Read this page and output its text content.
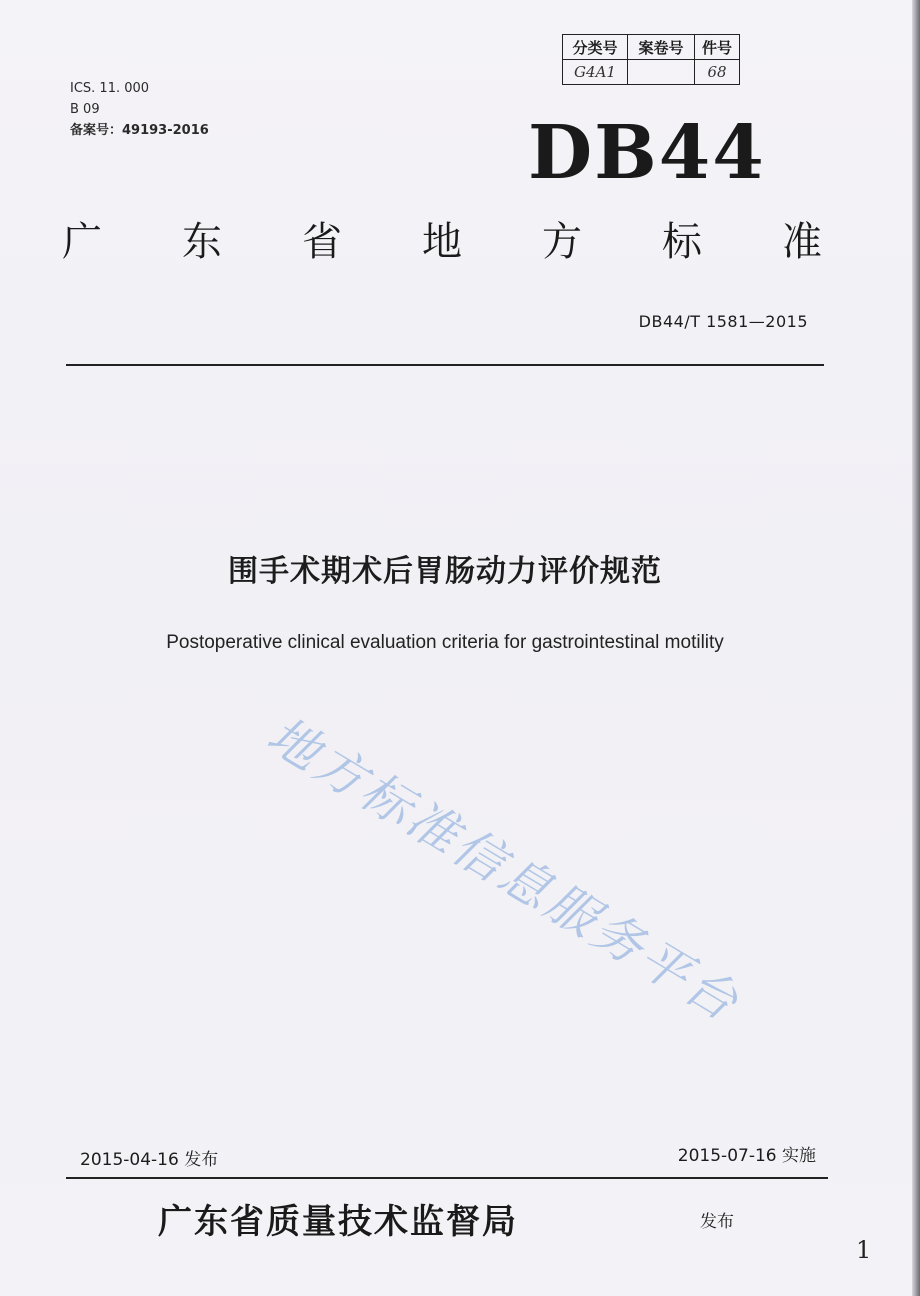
ICS. 11. 000
B 09
备案号：49193-2016
分类号	案卷号	件号
G4A1		68
DB44
广 东 省 地 方 标 准
DB44/T 1581—2015
围手术期术后胃肠动力评价规范
Postoperative clinical evaluation criteria for gastrointestinal motility
地方标准信息服务平台
2015-04-16 发布	2015-07-16 实施
广东省质量技术监督局	发布
1
